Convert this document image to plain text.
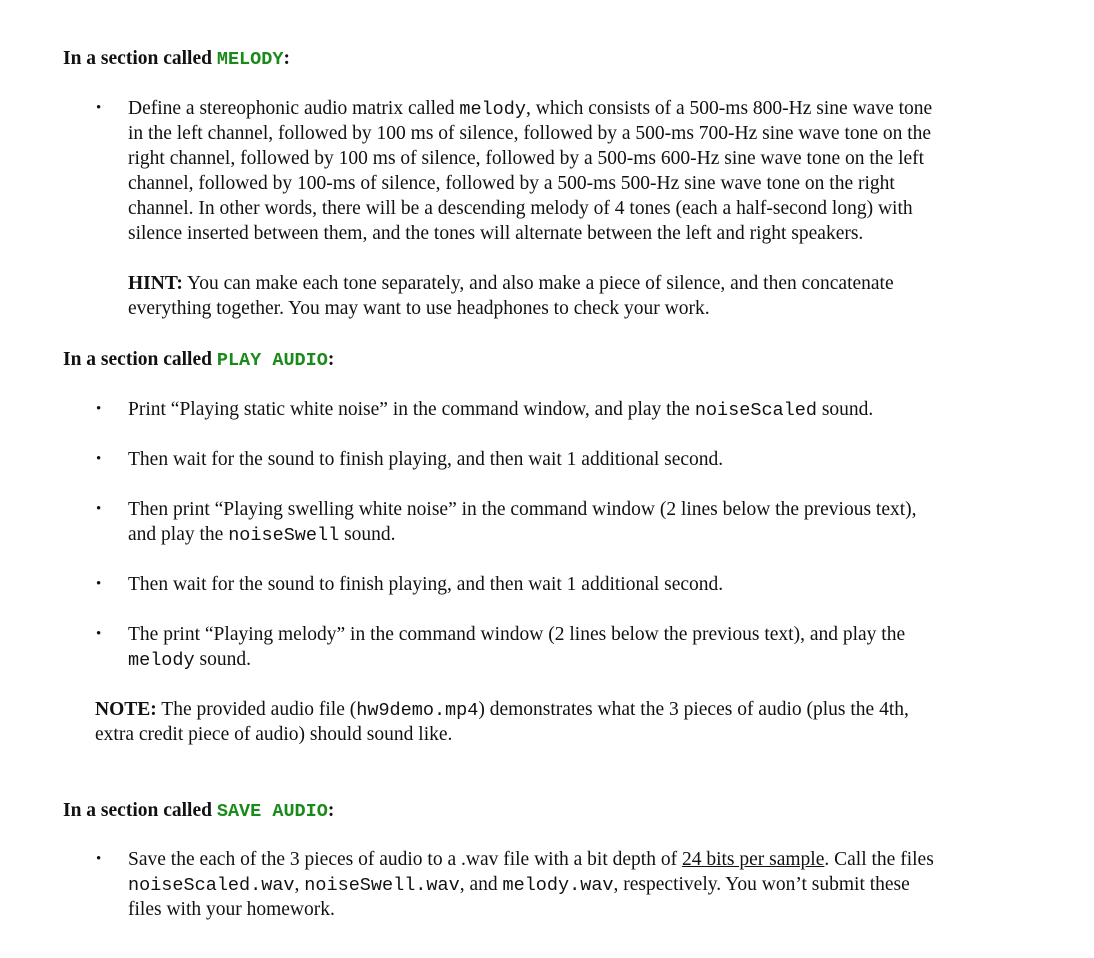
In a section called MELODY:
• Define a stereophonic audio matrix called melody, which consists of a 500-ms 800-Hz sine wave tone
in the left channel, followed by 100 ms of silence, followed by a 500-ms 700-Hz sine wave tone on the
right channel, followed by 100 ms of silence, followed by a 500-ms 600-Hz sine wave tone on the left
channel, followed by 100-ms of silence, followed by a 500-ms 500-Hz sine wave tone on the right
channel. In other words, there will be a descending melody of 4 tones (each a half-second long) with
silence inserted between them, and the tones will alternate between the left and right speakers.
HINT: You can make each tone separately, and also make a piece of silence, and then concatenate
everything together. You may want to use headphones to check your work.
In a section called PLAY AUDIO:
• Print “Playing static white noise” in the command window, and play the noiseScaled sound.
• Then wait for the sound to finish playing, and then wait 1 additional second.
• Then print “Playing swelling white noise” in the command window (2 lines below the previous text),
and play the noiseSwell sound.
• Then wait for the sound to finish playing, and then wait 1 additional second.
• The print “Playing melody” in the command window (2 lines below the previous text), and play the
melody sound.
NOTE: The provided audio file (hw9demo.mp4) demonstrates what the 3 pieces of audio (plus the 4th,
extra credit piece of audio) should sound like.
In a section called SAVE AUDIO:
• Save the each of the 3 pieces of audio to a .wav file with a bit depth of 24 bits per sample. Call the files
noiseScaled.wav, noiseSwell.wav, and melody.wav, respectively. You won’t submit these
files with your homework.
